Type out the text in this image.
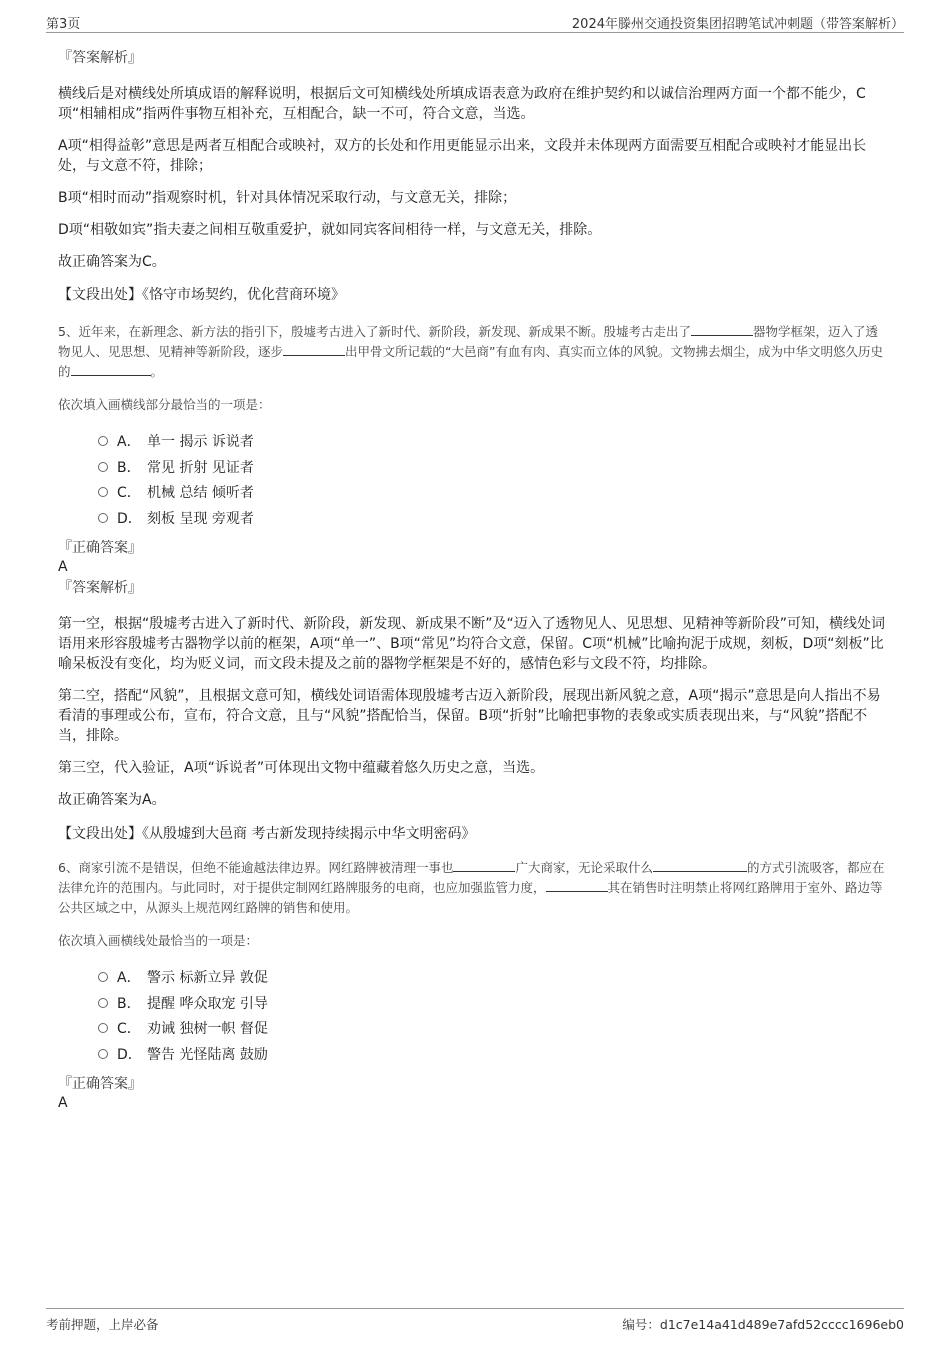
第3页	2024年滕州交通投资集团招聘笔试冲刺题（带答案解析）
『答案解析』

横线后是对横线处所填成语的解释说明，根据后文可知横线处所填成语表意为政府在维护契约和以诚信治理两方面一个都不能少，C项“相辅相成”指两件事物互相补充，互相配合，缺一不可，符合文意，当选。

A项“相得益彰”意思是两者互相配合或映衬，双方的长处和作用更能显示出来，文段并未体现两方面需要互相配合或映衬才能显出长处，与文意不符，排除；

B项“相时而动”指观察时机，针对具体情况采取行动，与文意无关，排除；

D项“相敬如宾”指夫妻之间相互敬重爱护，就如同宾客间相待一样，与文意无关，排除。

故正确答案为C。

【文段出处】《恪守市场契约，优化营商环境》

5、近年来，在新理念、新方法的指引下，殷墟考古进入了新时代、新阶段，新发现、新成果不断。殷墟考古走出了	器物学框架，迈入了透物见人、见思想、见精神等新阶段，逐步	出甲骨文所记载的“大邑商”有血有肉、真实而立体的风貌。文物拂去烟尘，成为中华文明悠久历史的	。

依次填入画横线部分最恰当的一项是：
A． 单一 揭示 诉说者
B． 常见 折射 见证者
C． 机械 总结 倾听者
D． 刻板 呈现 旁观者
『正确答案』
A
『答案解析』

第一空，根据“殷墟考古进入了新时代、新阶段，新发现、新成果不断”及“迈入了透物见人、见思想、见精神等新阶段”可知，横线处词语用来形容殷墟考古器物学以前的框架，A项“单一”、B项“常见”均符合文意，保留。C项“机械”比喻拘泥于成规，刻板，D项“刻板”比喻呆板没有变化，均为贬义词，而文段未提及之前的器物学框架是不好的，感情色彩与文段不符，均排除。

第二空，搭配“风貌”，且根据文意可知，横线处词语需体现殷墟考古迈入新阶段，展现出新风貌之意，A项“揭示”意思是向人指出不易看清的事理或公布，宣布，符合文意，且与“风貌”搭配恰当，保留。B项“折射”比喻把事物的表象或实质表现出来，与“风貌”搭配不当，排除。

第三空，代入验证，A项“诉说者”可体现出文物中蕴藏着悠久历史之意，当选。

故正确答案为A。

【文段出处】《从殷墟到大邑商 考古新发现持续揭示中华文明密码》

6、商家引流不是错误，但绝不能逾越法律边界。网红路牌被清理一事也	广大商家，无论采取什么	的方式引流吸客，都应在法律允许的范围内。与此同时，对于提供定制网红路牌服务的电商，也应加强监管力度，	其在销售时注明禁止将网红路牌用于室外、路边等公共区域之中，从源头上规范网红路牌的销售和使用。

依次填入画横线处最恰当的一项是：
A． 警示 标新立异 敦促
B． 提醒 哗众取宠 引导
C． 劝诫 独树一帜 督促
D． 警告 光怪陆离 鼓励
『正确答案』
A
考前押题，上岸必备	编号：d1c7e14a41d489e7afd52cccc1696eb0
